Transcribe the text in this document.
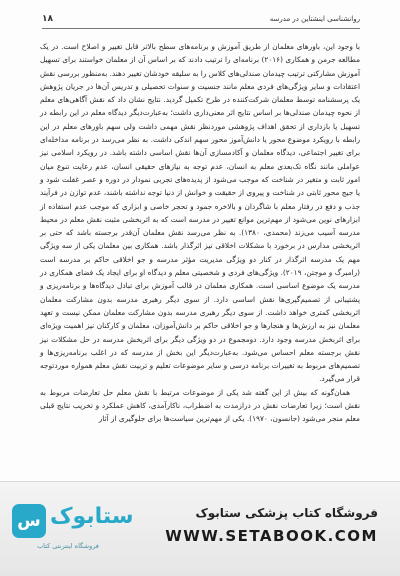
۱۸	روانشناسی اینشتاین در مدرسه

با وجود این، باورهای معلمان از طریق آموزش و برنامه‌های سطح بالاتر قابل تغییر و اصلاح است. در یک مطالعه جرمن و همکاری (۲۰۱۶) برنامه‌ای را ترتیب دادند که بر اساس آن از معلمان خواستند برای تسهیل آموزش مشارکتی ترتیب چیدمان صندلی‌های کلاس را به سلیقه خودشان تغییر دهند. به‌منظور بررسی نقش اعتقادات و سایر ویژگی‌های فردی معلم مانند جنسیت و سنوات تحصیلی و تدریس آن‌ها در جریان پژوهش یک پرسشنامه توسط معلمان شرکت‌کننده در طرح تکمیل گردید. نتایج نشان داد که نقش آگاهی‌های معلم از نحوه چیدمان صندلی‌ها بر اساس نتایج اثر معنی‌داری داشت؛ به‌عبارت‌دیگر دیدگاه معلم در این رابطه در تسهیل یا بازداری از تحقق اهداف پژوهشی موردنظر نقش مهمی داشت ولی سهم باورهای معلم در این رابطه با رویکرد موضوع محور یا دانش‌آموز محور سهم اندکی داشت. به نظر می‌رسد در برنامه مداخله‌ای برای تغییر اجتماعی، دیدگاه معلمان و آکادمسازی آن‌ها نقش اساسی داشته باشد. در رویکرد اسلامی نیز عواملی مانند نگاه تک‌بعدی معلم به انسان، عدم توجه به نیازهای حقیقی انسان، عدم رعایت تنوع میان امور ثابت و متغیر در شناخت که موجب می‌شود از پدیده‌های تجربی نمودار در دوره و عصر غفلت شود و یا جیج محور ثابتی در شناخت و پیروی از حقیقت و خوانش از دنیا توجه نداشته باشند، عدم توازن در فرآیند جذب و دفع در رفتار معلم با شاگردان و بالاخره جمود و تحجر خاصی و ابزاری که موجب عدم استفاده از ابزارهای نوین می‌شود از مهم‌ترین موانع تغییر در مدرسه است که به اثربخشی مثبت نقش معلم در محیط مدرسه آسیب می‌زند (محمدی، ۱۳۸۰). به نظر می‌رسد نقش معلمان آن‌قدر برجسته باشد که حتی بر اثربخشی مدارس در برخورد با مشکلات اخلاقی نیز اثرگذار باشد. همکاری بین معلمان یکی از سه ویژگی مهم یک مدرسه اثرگذار در کنار دو ویژگی مدیریت مؤثر مدرسه و جو اخلاقی حاکم بر مدرسه است (رامبرگ و موجتن، ۲۰۱۹). ویژگی‌های فردی و شخصیتی معلم و دیدگاه او برای ایجاد یک فضای همکاری در مدرسه یک موضوع اساسی است. همکاری معلمان در قالب آموزش برای تبادل دیدگاه‌ها و برنامه‌ریزی و پشتیبانی از تصمیم‌گیری‌ها نقش اساسی دارد. از سوی دیگر رهبری مدرسه بدون مشارکت معلمان اثربخشی کمتری خواهد داشت. از سوی دیگر رهبری مدرسه بدون مشارکت معلمان ممکن نیست و تعهد معلمان نیز به ارزش‌ها و هنجارها و جو اخلاقی حاکم بر دانش‌آموزان، معلمان و کارکنان نیز اهمیت ویژه‌ای برای اثربخش مدرسه وجود دارد. دومجموع در دو ویژگی دیگر برای اثربخش مدرسه در حل مشکلات نیز نقش برجسته معلم احساس می‌شود. به‌عبارت‌دیگر این بخش از مدرسه که در اغلب برنامه‌ریزی‌ها و تصمیم‌های مربوط به تغییرات برنامه درسی و سایر موضوعات تعلیم و تربیت نقش معلم همواره موردتوجه قرار می‌گیرد.

همان‌گونه که بیش از این گفته شد یکی از موضوعات مرتبط با نقش معلم حل تعارضات مربوط به نقش است؛ زیرا تعارضات نقش در درازمدت به اضطراب، ناکارآمدی، کاهش عملکرد و تخریب نتایج قبلی معلم منجر می‌شود (جانسون، ۱۹۷۰). یکی از مهم‌ترین سیاست‌ها برای جلوگیری از آثار

س ستابوک
فروشگاه اینترنتی کتاب
فروشگاه کتاب پزشکی ستابوک
WWW.SETABOOK.COM
